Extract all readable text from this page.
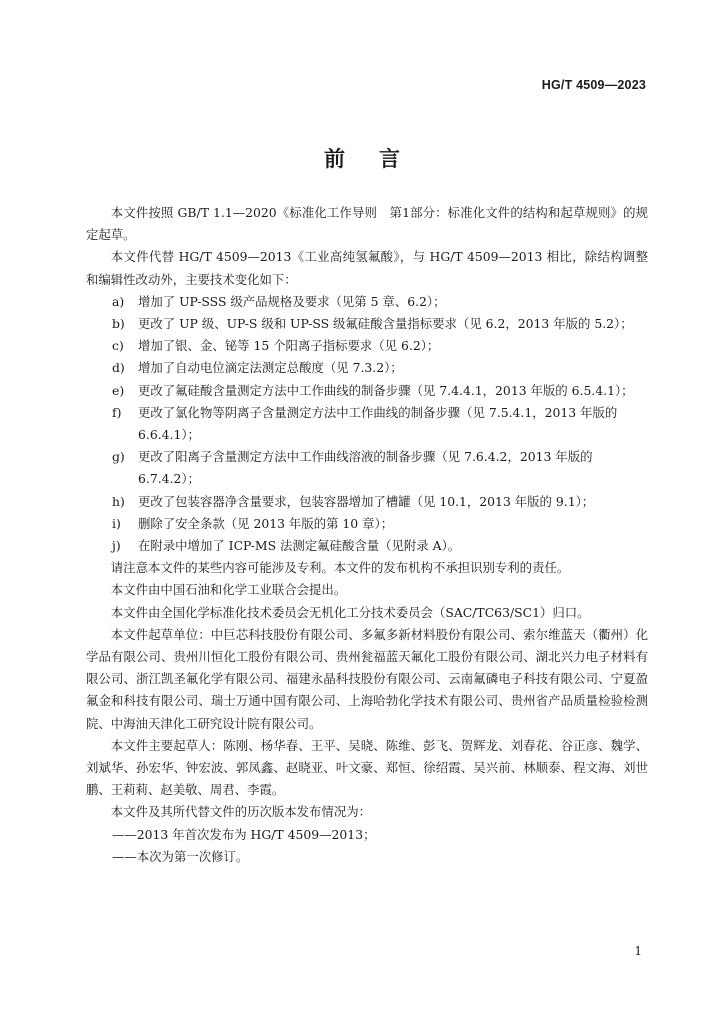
HG/T 4509—2023
前言

本文件按照 GB/T 1.1—2020《标准化工作导则　第1部分：标准化文件的结构和起草规则》的规定起草。

本文件代替 HG/T 4509—2013《工业高纯氢氟酸》，与 HG/T 4509—2013 相比，除结构调整和编辑性改动外，主要技术变化如下：

a)	增加了 UP-SSS 级产品规格及要求（见第 5 章、6.2）；
b)	更改了 UP 级、UP-S 级和 UP-SS 级氟硅酸含量指标要求（见 6.2，2013 年版的 5.2）；
c)	增加了银、金、铋等 15 个阳离子指标要求（见 6.2）；
d)	增加了自动电位滴定法测定总酸度（见 7.3.2）；
e)	更改了氟硅酸含量测定方法中工作曲线的制备步骤（见 7.4.4.1，2013 年版的 6.5.4.1）；
f)	更改了氯化物等阴离子含量测定方法中工作曲线的制备步骤（见 7.5.4.1，2013 年版的 6.6.4.1）；
g)	更改了阳离子含量测定方法中工作曲线溶液的制备步骤（见 7.6.4.2，2013 年版的 6.7.4.2）；
h)	更改了包装容器净含量要求，包装容器增加了槽罐（见 10.1，2013 年版的 9.1）；
i)	删除了安全条款（见 2013 年版的第 10 章）；
j)	在附录中增加了 ICP-MS 法测定氟硅酸含量（见附录 A）。

请注意本文件的某些内容可能涉及专利。本文件的发布机构不承担识别专利的责任。

本文件由中国石油和化学工业联合会提出。

本文件由全国化学标准化技术委员会无机化工分技术委员会（SAC/TC63/SC1）归口。

本文件起草单位：中巨芯科技股份有限公司、多氟多新材料股份有限公司、索尔维蓝天（衢州）化学品有限公司、贵州川恒化工股份有限公司、贵州瓮福蓝天氟化工股份有限公司、湖北兴力电子材料有限公司、浙江凯圣氟化学有限公司、福建永晶科技股份有限公司、云南氟磷电子科技有限公司、宁夏盈氟金和科技有限公司、瑞士万通中国有限公司、上海哈勃化学技术有限公司、贵州省产品质量检验检测院、中海油天津化工研究设计院有限公司。

本文件主要起草人：陈刚、杨华春、王平、吴晓、陈维、彭飞、贺辉龙、刘春花、谷正彦、魏学、刘斌华、孙宏华、钟宏波、郭凤鑫、赵晓亚、叶文豪、郑恒、徐绍霞、吴兴前、林顺泰、程文海、刘世鹏、王莉莉、赵美敬、周君、李霞。

本文件及其所代替文件的历次版本发布情况为：

——2013 年首次发布为 HG/T 4509—2013；

——本次为第一次修订。

1
